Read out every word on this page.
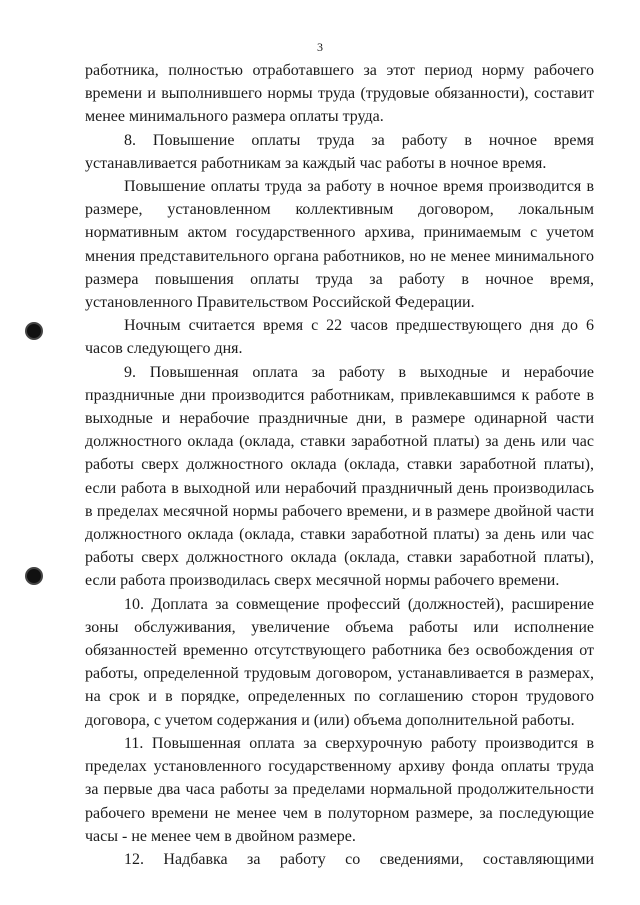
3

работника, полностью отработавшего за этот период норму рабочего времени и выполнившего нормы труда (трудовые обязанности), составит менее минимального размера оплаты труда.

8. Повышение оплаты труда за работу в ночное время устанавливается работникам за каждый час работы в ночное время.

Повышение оплаты труда за работу в ночное время производится в размере, установленном коллективным договором, локальным нормативным актом государственного архива, принимаемым с учетом мнения представительного органа работников, но не менее минимального размера повышения оплаты труда за работу в ночное время, установленного Правительством Российской Федерации.

Ночным считается время с 22 часов предшествующего дня до 6 часов следующего дня.

9. Повышенная оплата за работу в выходные и нерабочие праздничные дни производится работникам, привлекавшимся к работе в выходные и нерабочие праздничные дни, в размере одинарной части должностного оклада (оклада, ставки заработной платы) за день или час работы сверх должностного оклада (оклада, ставки заработной платы), если работа в выходной или нерабочий праздничный день производилась в пределах месячной нормы рабочего времени, и в размере двойной части должностного оклада (оклада, ставки заработной платы) за день или час работы сверх должностного оклада (оклада, ставки заработной платы), если работа производилась сверх месячной нормы рабочего времени.

10. Доплата за совмещение профессий (должностей), расширение зоны обслуживания, увеличение объема работы или исполнение обязанностей временно отсутствующего работника без освобождения от работы, определенной трудовым договором, устанавливается в размерах, на срок и в порядке, определенных по соглашению сторон трудового договора, с учетом содержания и (или) объема дополнительной работы.

11. Повышенная оплата за сверхурочную работу производится в пределах установленного государственному архиву фонда оплаты труда за первые два часа работы за пределами нормальной продолжительности рабочего времени не менее чем в полуторном размере, за последующие часы - не менее чем в двойном размере.

12. Надбавка за работу со сведениями, составляющими
